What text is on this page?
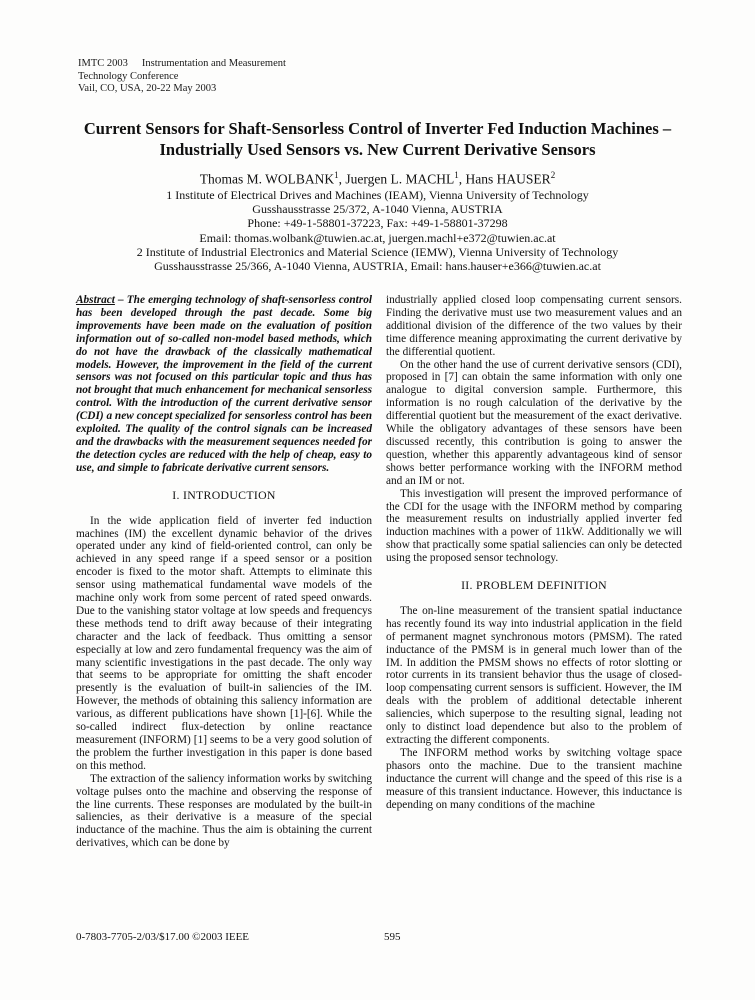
IMTC 2003 Instrumentation and Measurement
Technology Conference
Vail, CO, USA, 20-22 May 2003
Current Sensors for Shaft-Sensorless Control of Inverter Fed Induction Machines –
Industrially Used Sensors vs. New Current Derivative Sensors
Thomas M. WOLBANK$^1$, Juergen L. MACHL$^1$, Hans HAUSER$^2$
1 Institute of Electrical Drives and Machines (IEAM), Vienna University of Technology
Gusshausstrasse 25/372, A-1040 Vienna, AUSTRIA
Phone: +49-1-58801-37223, Fax: +49-1-58801-37298
Email: thomas.wolbank@tuwien.ac.at, juergen.machl+e372@tuwien.ac.at
2 Institute of Industrial Electronics and Material Science (IEMW), Vienna University of Technology
Gusshausstrasse 25/366, A-1040 Vienna, AUSTRIA, Email: hans.hauser+e366@tuwien.ac.at

Abstract – The emerging technology of shaft-sensorless control has been developed through the past decade. Some big improvements have been made on the evaluation of position information out of so-called non-model based methods, which do not have the drawback of the classically mathematical models. However, the improvement in the field of the current sensors was not focused on this particular topic and thus has not brought that much enhancement for mechanical sensorless control. With the introduction of the current derivative sensor (CDI) a new concept specialized for sensorless control has been exploited. The quality of the control signals can be increased and the drawbacks with the measurement sequences needed for the detection cycles are reduced with the help of cheap, easy to use, and simple to fabricate derivative current sensors.

I. INTRODUCTION

In the wide application field of inverter fed induction machines (IM) the excellent dynamic behavior of the drives operated under any kind of field-oriented control, can only be achieved in any speed range if a speed sensor or a position encoder is fixed to the motor shaft. Attempts to eliminate this sensor using mathematical fundamental wave models of the machine only work from some percent of rated speed onwards. Due to the vanishing stator voltage at low speeds and frequencys these methods tend to drift away because of their integrating character and the lack of feedback. Thus omitting a sensor especially at low and zero fundamental frequency was the aim of many scientific investigations in the past decade. The only way that seems to be appropriate for omitting the shaft encoder presently is the evaluation of built-in saliencies of the IM. However, the methods of obtaining this saliency information are various, as different publications have shown [1]-[6]. While the so-called indirect flux-detection by online reactance measurement (INFORM) [1] seems to be a very good solution of the problem the further investigation in this paper is done based on this method.

The extraction of the saliency information works by switching voltage pulses onto the machine and observing the response of the line currents. These responses are modulated by the built-in saliencies, as their derivative is a measure of the special inductance of the machine. Thus the aim is obtaining the current derivatives, which can be done by

industrially applied closed loop compensating current sensors. Finding the derivative must use two measurement values and an additional division of the difference of the two values by their time difference meaning approximating the current derivative by the differential quotient.

On the other hand the use of current derivative sensors (CDI), proposed in [7] can obtain the same information with only one analogue to digital conversion sample. Furthermore, this information is no rough calculation of the derivative by the differential quotient but the measurement of the exact derivative. While the obligatory advantages of these sensors have been discussed recently, this contribution is going to answer the question, whether this apparently advantageous kind of sensor shows better performance working with the INFORM method and an IM or not.

This investigation will present the improved performance of the CDI for the usage with the INFORM method by comparing the measurement results on industrially applied inverter fed induction machines with a power of 11kW. Additionally we will show that practically some spatial saliencies can only be detected using the proposed sensor technology.

II. PROBLEM DEFINITION

The on-line measurement of the transient spatial inductance has recently found its way into industrial application in the field of permanent magnet synchronous motors (PMSM). The rated inductance of the PMSM is in general much lower than of the IM. In addition the PMSM shows no effects of rotor slotting or rotor currents in its transient behavior thus the usage of closed-loop compensating current sensors is sufficient. However, the IM deals with the problem of additional detectable inherent saliencies, which superpose to the resulting signal, leading not only to distinct load dependence but also to the problem of extracting the different components.

The INFORM method works by switching voltage space phasors onto the machine. Due to the transient machine inductance the current will change and the speed of this rise is a measure of this transient inductance. However, this inductance is depending on many conditions of the machine

0-7803-7705-2/03/$17.00 ©2003 IEEE	595
